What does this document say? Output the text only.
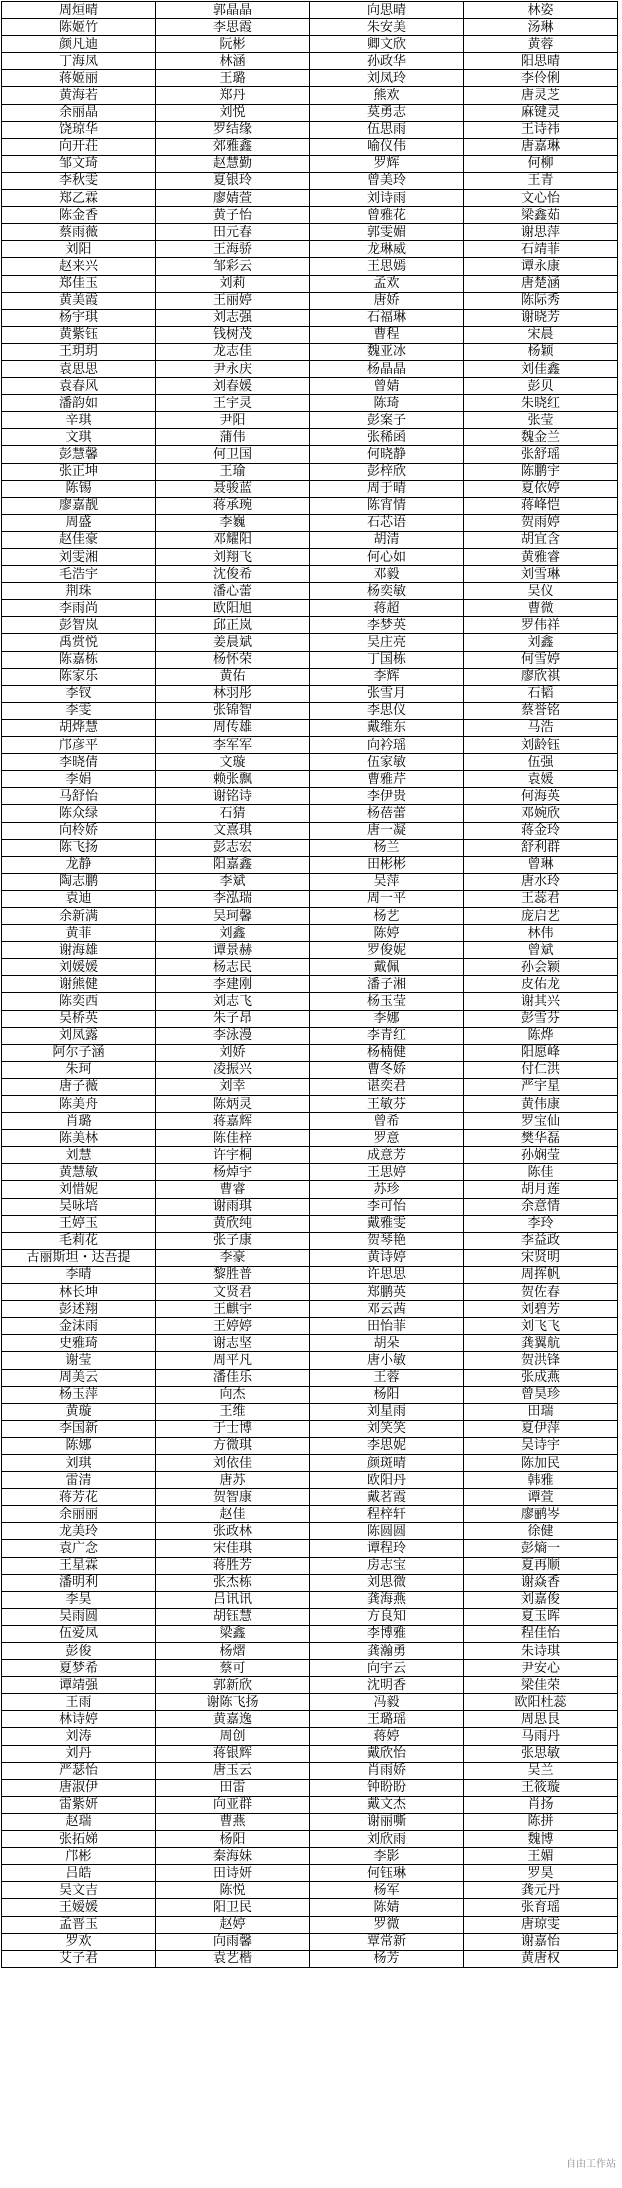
周烜晴	郭晶晶	向思晴	林姿
陈姬竹	李思霞	朱安美	汤琳
颜凡迪	阮彬	卿文欣	黄蓉
丁海凤	林涵	孙政华	阳思晴
蒋姬丽	王璐	刘凤玲	李伶俐
黄海若	郑丹	熊欢	唐灵芝
余丽晶	刘悦	莫勇志	麻键灵
饶琼华	罗结缘	伍思雨	王诗祎
向开荘	郊雅鑫	喻仪伟	唐嘉琳
邹文琦	赵慧勤	罗辉	何柳
李秋雯	夏银玲	曾美玲	王青
郑乙霖	廖婧萱	刘诗雨	文心怡
陈金香	黄子怡	曾雅花	梁鑫茹
蔡雨薇	田元春	郭雯媚	谢思萍
刘阳	王海骄	龙琳威	石靖菲
赵来兴	邹彩云	王思嫣	谭永康
郑佳玉	刘莉	孟欢	唐楚涵
黄美霞	王丽婷	唐娇	陈际秀
杨宇琪	刘志强	石福琳	谢晓芳
黄紫钰	钱树茂	曹程	宋晨
王玥玥	龙志佳	魏亚冰	杨颖
袁思思	尹永庆	杨晶晶	刘佳鑫
袁春风	刘春媛	曾婧	彭贝
潘韵如	王宇灵	陈琦	朱晓红
辛琪	尹阳	彭案子	张莹
文琪	蒲伟	张稀函	魏金兰
彭慧馨	何卫国	何晓静	张舒瑶
张正坤	王瑜	彭梓欣	陈鹏宇
陈锡	聂骏蓝	周于晴	夏依婷
廖嘉靓	蒋承琬	陈宵情	蒋峰恺
周盛	李巍	石芯语	贺雨婷
赵佳豪	邓耀阳	胡清	胡宜含
刘雯湘	刘翔飞	何心如	黄雅睿
毛浩宇	沈俊希	邓毅	刘雪琳
荆珠	潘心蕾	杨奕敏	吴仪
李雨尚	欧阳旭	蒋超	曹微
彭智岚	邱正岚	李梦英	罗伟祥
禹赏悦	姜晨斌	吴庄亮	刘鑫
陈嘉栋	杨怀荣	丁国栋	何雪婷
陈家乐	黄佑	李辉	廖欣祺
李钗	林羽彤	张雪月	石韬
李雯	张锦智	李思仪	蔡誉铭
胡烨慧	周传雄	戴维东	马浩
邝彦平	李军军	向衿瑶	刘龄钰
李晓倩	文璇	伍家敏	伍强
李娟	赖张飘	曹雅芹	袁媛
马舒怡	谢铭诗	李伊贵	何海英
陈众绿	石猜	杨蓓蕾	邓婉欣
向柃娇	文熹琪	唐一凝	蒋金玲
陈飞扬	彭志宏	杨兰	舒利群
龙静	阳嘉鑫	田彬彬	曾琳
陶志鹏	李斌	吴萍	唐水玲
袁迪	李泓瑞	周一平	王蕊君
余新满	吴珂馨	杨艺	庞启艺
黄菲	刘鑫	陈婷	林伟
谢海雄	谭景赫	罗俊妮	曾斌
刘媛媛	杨志民	戴佩	孙会颖
谢熊健	李建刚	潘子湘	皮佑龙
陈奕西	刘志飞	杨玉莹	谢其兴
吴桥英	朱子昂	李娜	彭雪芬
刘凤露	李泳漫	李青红	陈烨
阿尔子涵	刘娇	杨楠健	阳愿峰
朱珂	凌振兴	曹冬娇	付仁洪
唐子薇	刘幸	谌奕君	严宇星
陈美舟	陈炳灵	王敏芬	黄伟康
肖璐	蒋嘉辉	曾希	罗宝仙
陈美林	陈佳梓	罗意	樊华磊
刘慧	许宇桐	成意芳	孙娴莹
黄慧敏	杨焯宇	王思婷	陈佳
刘惜妮	曹睿	苏珍	胡月莲
吴咏培	谢雨琪	李可怡	余意情
王婷玉	黄欣纯	戴雅雯	李玲
毛莉花	张子康	贺琴艳	李益政
古丽斯坦・达吾提	李豪	黄诗婷	宋贤明
李晴	黎胜普	许思思	周挥帆
林长坤	文贤君	郑鹏英	贺佐春
彭述翔	王麒宇	邓云茜	刘碧芳
金沫雨	王婷婷	田怡菲	刘飞飞
史雅琦	谢志坚	胡朵	龚翼航
谢莹	周平凡	唐小敏	贺洪锋
周美云	潘佳乐	王蓉	张成燕
杨玉萍	向杰	杨阳	曾昊珍
黄璇	王维	刘星雨	田瑞
李国新	于士博	刘笑笑	夏伊萍
陈娜	方微琪	李思妮	吴诗宇
刘琪	刘依佳	颜斑晴	陈加民
雷清	唐苏	欧阳丹	韩雅
蒋芳花	贺智康	戴茗霞	谭萱
余丽丽	赵佳	程梓轩	廖鹂岑
龙美玲	张政林	陈圆圆	徐健
袁广念	宋佳琪	谭程玲	彭熵一
王星霖	蒋胜芳	房志宝	夏再顺
潘明利	张杰栋	刘思微	谢焱香
李昊	吕讯讯	龚海燕	刘嘉俊
吴雨圆	胡钰慧	方良知	夏玉晖
伍爱凤	梁鑫	李博雅	程佳怡
彭俊	杨熠	龚瀚勇	朱诗琪
夏梦希	蔡可	向宇云	尹安心
谭靖强	郭新欣	沈明香	梁佳荣
王雨	谢陈飞扬	冯毅	欧阳杜蕊
林诗婷	黄嘉逸	王璐瑶	周思艮
刘涛	周创	蒋婷	马雨丹
刘丹	蒋银辉	戴欣怡	张思敏
严瑟怡	唐玉云	肖雨娇	吴兰
唐淑伊	田雷	钟盼盼	王筱璇
雷紫妍	向亚群	戴文杰	肖扬
赵瑞	曹燕	谢丽嘶	陈拼
张拓娣	杨阳	刘欣雨	魏博
邝彬	秦海妹	李影	王媚
吕皓	田诗妍	何钰琳	罗昊
吴文吉	陈悦	杨军	龚元丹
王嫒媛	阳卫民	陈婧	张育瑶
孟晋玉	赵婷	罗微	唐琼雯
罗欢	向雨馨	覃常新	谢嘉怡
艾子君	袁艺楷	杨芳	黄唐权
自由工作站
